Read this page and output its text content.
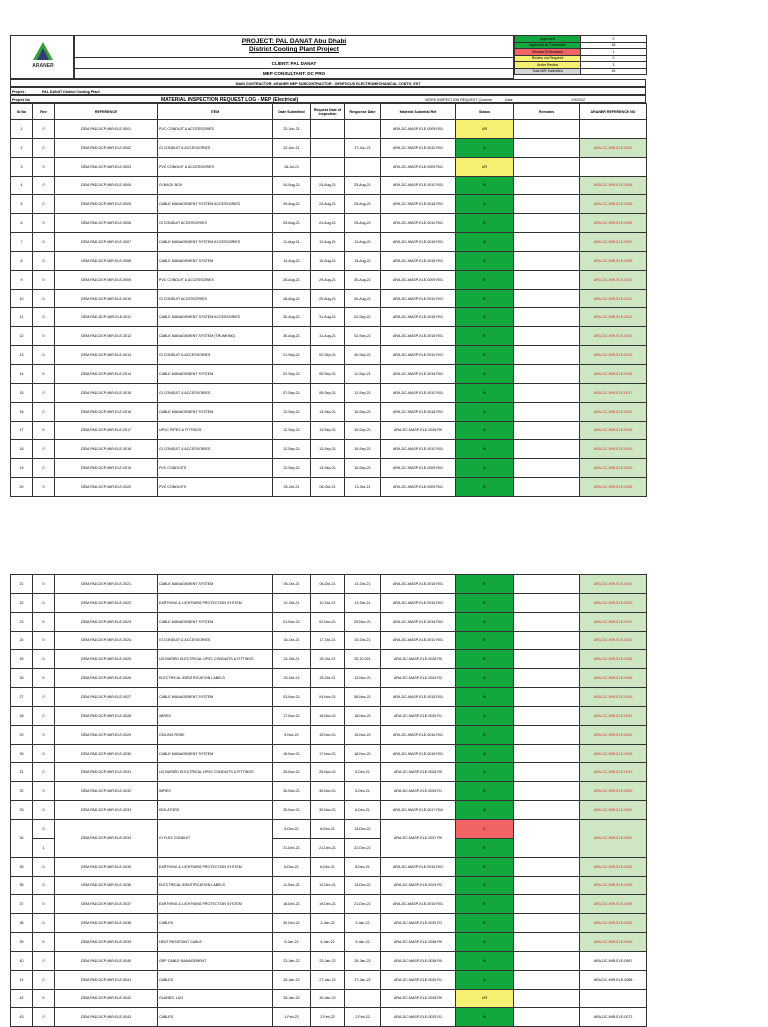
ARANER
PROJECT: PAL DANAT Abu Dhabi
District Cooling Plant Project
CLIENT: PAL DANAT
MEP CONSULTANT: DC PRO
Approved	0
Approved as Comments	48
Revised & Resubmit	1
Review not Required	0
Under Review	3
Total MIR Submitted	45
MAIN CONTRACTOR: ARANER MEP SUBCONTRACTOR : GENFOCUS ELECTROMECHANICAL CONTG. EST
Project :	PAL DANAT District Cooling Plant
Project No	MATERIAL INSPECTION REQUEST LOG - MEP (Electrical)	WORK INSPECTION REQUEST (Comme	Date	1/9/2022
Sr.No	Rev	REFERENCE	ITEM	Date Submitted	Request Date of Inspection	Response Date	Material Submttal Ref	Status	Remarks	ARANER REFERENCE NO
1	0	GEM-PAD-DCP-MIR-ELE-0001	PVC CONDUIT & ACCESSORIES	22-Jun-21			ARA-DC-MASP-ELE-0009 R01	UR		
2	0	GEM-PAD-DCP-MIR-ELE-0002	GI CONDUIT & ACCESSORIES	22-Jun-21		27-Jun-21	ARA-DC-MASP-ELE-0010 R01	B		ARA-DC-MIR-ELE-0002
3	0	GEM-PAD-DCP-MIR-ELE-0003	PVC CONDUIT & ACCESSORIES	18-Jul-21			ARA-DC-MASP-ELE-0009 R01	UR		
4	0	GEM-PAD-DCP-MIR-ELE-0004	GI BACK BOX	04-Aug-21	24-Aug-21	25-Aug-21	ARA-DC-MASP-ELE-0010 R01	B		ARA-DC-MIR-ELE-0004
5	0	GEM-PAD-DCP-MIR-ELE-0005	CABLE MANAGEMENT SYSTEM ACCESSORIES	09-Aug-21	24-Aug-21	25-Aug-21	ARA-DC-MASP-ELE-0018 R01	B		ARA-DC-MIR-ELE-0005
6	0	GEM-PAD-DCP-MIR-ELE-0006	GI CONDUIT ACCESSORIES	09-Aug-21	24-Aug-21	25-Aug-21	ARA-DC-MASP-ELE-0010 R01	B		ARA-DC-MIR-ELE-0006
7	0	GEM-PAD-DCP-MIR-ELE-0007	CABLE MANAGEMENT SYSTEM ACCESSORIES	11-Aug-21	12-Aug-21	13-Aug-21	ARA-DC-MASP-ELE-0018 R01	B		ARA-DC-MIR-ELE-0007
8	0	GEM-PAD-DCP-MIR-ELE-0008	CABLE MANAGEMENT SYSTEM	14-Aug-21	15-Aug-21	15-Aug-21	ARA-DC-MASP-ELE-0018 R01	B		ARA-DC-MIR-ELE-0008
9	0	GEM-PAD-DCP-MIR-ELE-0009	PVC CONDUIT & ACCESSORIES	28-Aug-21	29-Aug-21	30-Aug-21	ARA-DC-MASP-ELE-0009 R01	B		ARA-DC-MIR-ELE-0011
10	0	GEM-PAD-DCP-MIR-ELE-0010	GI CONDUIT ACCESSORIES	28-Aug-21	29-Aug-21	30-Aug-21	ARA-DC-MASP-ELE-0010 R01	B		ARA-DC-MIR-ELE-0012
11	0	GEM-PAD-DCP-MIR-ELE-0011	CABLE MANAGEMENT SYSTEM ACCESSORIES	30-Aug-21	31-Aug-21	02-Sep-21	ARA-DC-MASP-ELE-0018 R01	B		ARA-DC-MIR-ELE-0013
12	0	GEM-PAD-DCP-MIR-ELE-0012	CABLE MANAGEMENT SYSTEM (TRUNKING)	30-Aug-21	31-Aug-21	02-Sep-21	ARA-DC-MASP-ELE-0018 R01	B		ARA-DC-MIR-ELE-0014
13	0	GEM-PAD-DCP-MIR-ELE-0013	GI CONDUIT & ACCESSORIES	01-Sep-21	02-Sep-21	30-Sep-21	ARA-DC-MASP-ELE-0010 R01	B		ARA-DC-MIR-ELE-0015
14	0	GEM-PAD-DCP-MIR-ELE-0014	CABLE MANAGEMENT SYSTEM	02-Sep-21	05-Sep-21	11-Sep-21	ARA-DC-MASP-ELE-0018 R01	B		ARA-DC-MIR-ELE-0016
15	0	GEM-PAD-DCP-MIR-ELE-0015	GI CONDUIT & ACCESSORIES	07-Sep-21	08-Sep-21	12-Sep-21	ARA-DC-MASP-ELE-0010 R01	B		ARA-DC-MIR-ELE-0017
16	0	GEM-PAD-DCP-MIR-ELE-0016	CABLE MANAGEMENT SYSTEM	12-Sep-21	13-Sep-21	15-Sep-21	ARA-DC-MASP-ELE-0018 R01	B		ARA-DC-MIR-ELE-0021
17	0	GEM-PAD-DCP-MIR-ELE-0017	UPVC PIPES & FITTINGS	12-Sep-21	13-Sep-21	15-Sep-21	ARA-DC-MASP-ELE-0026 R0	B		ARA-DC-MIR-ELE-0018
18	0	GEM-PAD-DCP-MIR-ELE-0018	GI CONDUIT & ACCESSORIES	12-Sep-21	13-Sep-21	15-Sep-21	ARA-DC-MASP-ELE-0010 R01	B		ARA-DC-MIR-ELE-0019
19	0	GEM-PAD-DCP-MIR-ELE-0019	PVC CONDUITS	12-Sep-21	13-Sep-21	15-Sep-21	ARA-DC-MASP-ELE-0009 R01	B		ARA-DC-MIR-ELE-0020
20	0	GEM-PAD-DCP-MIR-ELE-0020	PVC CONDUITS	05-Oct-21	06-Oct-21	13-Oct-21	ARA-DC-MASP-ELE-0009 R01	B		ARA-DC-MIR-ELE-0028
21	0	GEM-PAD-DCP-MIR-ELE-0021	CABLE MANAGEMENT SYSTEM	05-Oct-21	06-Oct-21	13-Oct-21	ARA-DC-MASP-ELE-0018 R01	B		ARA-DC-MIR-ELE-0029
22	0	GEM-PAD-DCP-MIR-ELE-0022	EARTHING & LIGHTNING PROTECTION SYSTEM	10-Oct-21	10-Oct-21	13-Oct-21	ARA-DC-MASP-ELE-0015 R01	B		ARA-DC-MIR-ELE-0030
23	0	GEM-PAD-DCP-MIR-ELE-0023	CABLE MANAGEMENT SYSTEM	01-Nov-21	02-Nov-21	20-Nov-21	ARA-DC-MASP-ELE-0018 R01	B		ARA-DC-MIR-ELE-0037
24	0	GEM-PAD-DCP-MIR-ELE-0024	GI CONDUIT & ACCESSORIES	16-Oct-21	17-Oct-21	20-Oct-21	ARA-DC-MASP-ELE-0010 R01	B		ARA-DC-MIR-ELE-0032
25	0	GEM-PAD-DCP-MIR-ELE-0025	UG BURIED ELECTRICAL UPVC CONDUITS & FITTINGS	24-Oct-21	25-Oct-21	25-10-021	ARA-DC-MASP-ELE-0026 R0	B		ARA-DC-MIR-ELE-0036
26	0	GEM-PAD-DCP-MIR-ELE-0026	ELECTRICAL IDENTIFICATION LABELS	25-Oct-21	26-Oct-21	13-Nov-21	ARA-DC-MASP-ELE-0024 R2	B		ARA-DC-MIR-ELE-0038
27	0	GEM-PAD-DCP-MIR-ELE-0027	CABLE MANAGEMENT SYSTEM	03-Nov-21	04-Nov-21	06-Nov-21	ARA-DC-MASP-ELE-0018 R01	B		ARA-DC-MIR-ELE-0039
28	0	GEM-PAD-DCP-MIR-ELE-0028	WIRES	17-Nov-21	18-Nov-21	18-Nov-21	ARA-DC-MASP-ELE-0025 R1	B		ARA-DC-MIR-ELE-0041
29	0	GEM-PAD-DCP-MIR-ELE-0029	CEILING ROSE	9-Nov-21	10-Nov-21	15-Nov-21	ARA-DC-MASP-ELE-0016 R01	B		ARA-DC-MIR-ELE-0042
30	0	GEM-PAD-DCP-MIR-ELE-0030	CABLE MANAGEMENT SYSTEM	16-Nov-21	17-Nov-21	18-Nov-21	ARA-DC-MASP-ELE-0018 R01	B		ARA-DC-MIR-ELE-0044
31	0	GEM-PAD-DCP-MIR-ELE-0031	UG BURIED ELECTRICAL UPVC CONDUITS & FITTINGS	25-Nov-21	25-Nov-21	5-Dec-21	ARA-DC-MASP-ELE-0026 R0	B		ARA-DC-MIR-ELE-0047
32	0	GEM-PAD-DCP-MIR-ELE-0032	WIRES	30-Nov-21	30-Nov-21	5-Dec-21	ARA-DC-MASP-ELE-0025 R1	B		ARA-DC-MIR-ELE-0050
33	0	GEM-PAD-DCP-MIR-ELE-0033	ISOLATORS	30-Nov-21	30-Nov-21	6-Dec-21	ARA-DC-MASP-ELE-0017 R04	B		ARA-DC-MIR-ELE-0051
34	0	GEM-PAD-DCP-MIR-ELE-0034	GI FLEX CONDUIT	5-Dec-21	6-Dec-21	13-Dec-21	ARA-DC-MASP-ELE-0037 R0	C		ARA-DC-MIR-ELE-0057
	1			21-Dec-21	21-Dec-21	22-Dec-21		B		
35	0	GEM-PAD-DCP-MIR-ELE-0035	EARTHING & LIGHTNING PROTECTION SYSTEM	5-Dec-21	6-Dec-21	8-Dec-21	ARA-DC-MASP-ELE-0015 R01	B		ARA-DC-MIR-ELE-0053
36	0	GEM-PAD-DCP-MIR-ELE-0036	ELECTRICAL IDENTIFICATION LABELS	11-Dec-21	12-Dec-21	13-Dec-21	ARA-DC-MASP-ELE-0024 R2	B		ARA-DC-MIR-ELE-0054
37	0	GEM-PAD-DCP-MIR-ELE-0037	EARTHING & LIGHTNING PROTECTION SYSTEM	18-Dec-21	19-Dec-21	21-Dec-21	ARA-DC-MASP-ELE-0015 R01	B		ARA-DC-MIR-ELE-0059
38	0	GEM-PAD-DCP-MIR-ELE-0038	CABLES	30-Dec-21	3-Jan-22	3-Jan-22	ARA-DC-MASP-ELE-0025 R1	B		ARA-DC-MIR-ELE-0063
39	0	GEM-PAD-DCP-MIR-ELE-0039	HEAT RESISTANT CABLE	6-Jan-22	9-Jan-22	9-Jan-22	ARA-DC-MASP-ELE-0038 R0	B		ARA-DC-MIR-ELE-0064
40	0	GEM-PAD-DCP-MIR-ELE-0040	GRP CABLE MANAGEMENT	23-Jan-22	23-Jan-22	28-Jan-22	ARA-DC-MASP-ELE-0038 R0	B		ARA-DC-MIR-ELE-0067
41	0	GEM-PAD-DCP-MIR-ELE-0041	CABLES	26-Jan-22	27-Jan-22	27-Jan-22	ARA-DC-MASP-ELE-0025 R1	B		ARA-DC-MIR-ELE-0068
42	0	GEM-PAD-DCP-MIR-ELE-0042	GLANDS, LUG	28-Jan-22	30-Jan-22		ARA-DC-MASP-ELE-0028 R0	UR		
43	0	GEM-PAD-DCP-MIR-ELE-0043	CABLES	1-Feb-22	2-Feb-22	2-Feb-22	ARA-DC-MASP-ELE-0025 R1	B		ARA-DC-MIR-ELE-0072
